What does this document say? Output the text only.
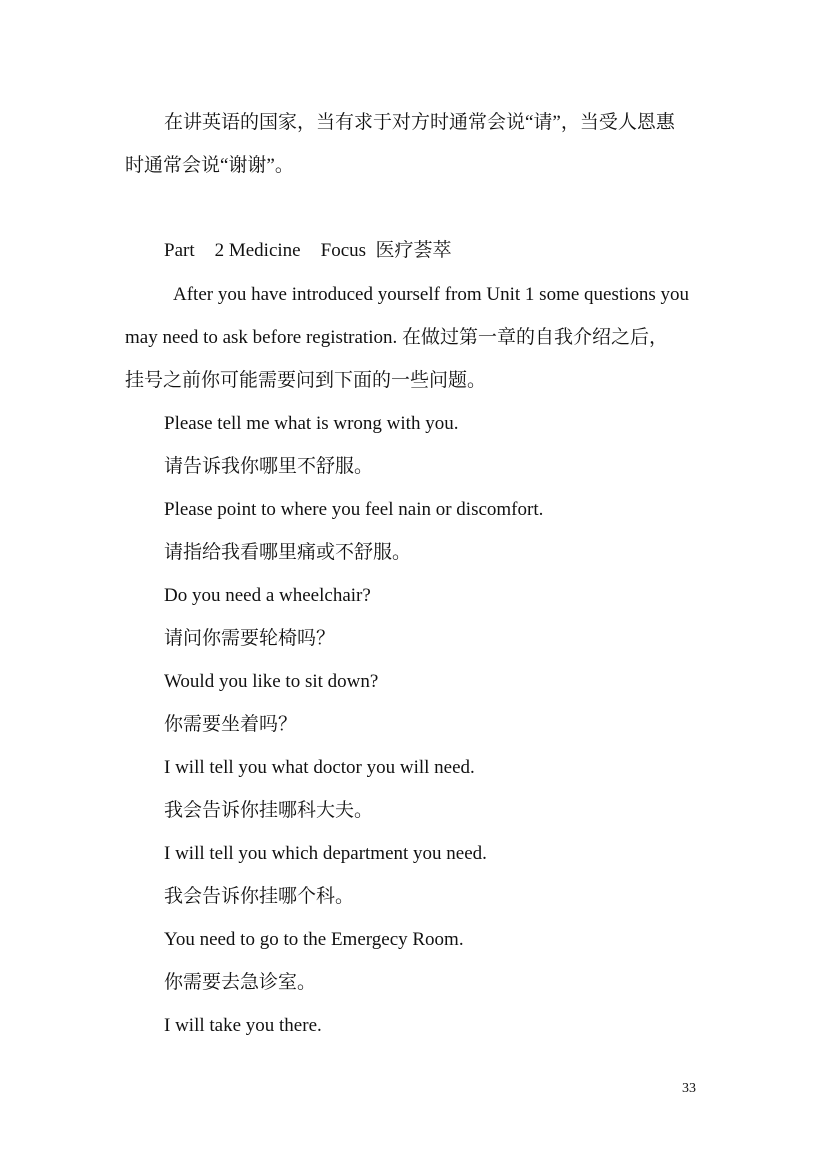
在讲英语的国家，当有求于对方时通常会说“请”，当受人恩惠
时通常会说“谢谢”。
Part 2 Medicine Focus 医疗荟萃
After you have introduced yourself from Unit 1 some questions you
may need to ask before registration. 在做过第一章的自我介绍之后，
挂号之前你可能需要问到下面的一些问题。
Please tell me what is wrong with you.
请告诉我你哪里不舒服。
Please point to where you feel nain or discomfort.
请指给我看哪里痛或不舒服。
Do you need a wheelchair?
请问你需要轮椅吗？
Would you like to sit down?
你需要坐着吗？
I will tell you what doctor you will need.
我会告诉你挂哪科大夫。
I will tell you which department you need.
我会告诉你挂哪个科。
You need to go to the Emergecy Room.
你需要去急诊室。
I will take you there.
33
